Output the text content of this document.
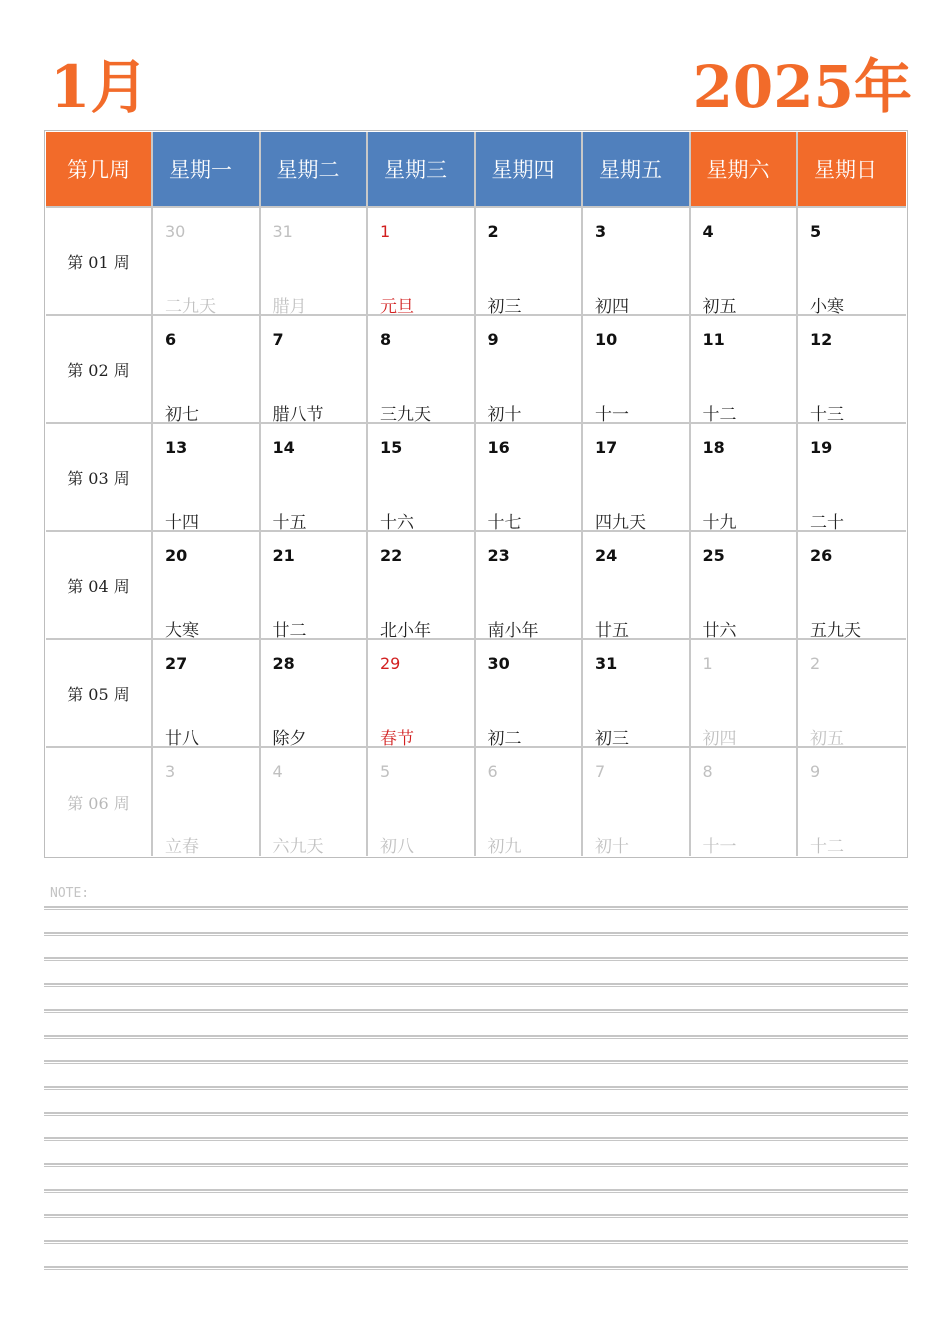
1月	2025年
第几周	星期一 星期二 星期三 星期四 星期五 星期六 星期日
第 01 周
30
二九天
31
腊月
1
元旦
2
初三
3
初四
4
初五
5
小寒
第 02 周
6
初七
7
腊八节
8
三九天
9
初十
10
十一
11
十二
12
十三
第 03 周
13
十四
14
十五
15
十六
16
十七
17
四九天
18
十九
19
二十
第 04 周
20
大寒
21
廿二
22
北小年
23
南小年
24
廿五
25
廿六
26
五九天
第 05 周
27
廿八
28
除夕
29
春节
30
初二
31
初三
1
初四
2
初五
第 06 周
3
立春
4
六九天
5
初八
6
初九
7
初十
8
十一
9
十二
NOTE:
